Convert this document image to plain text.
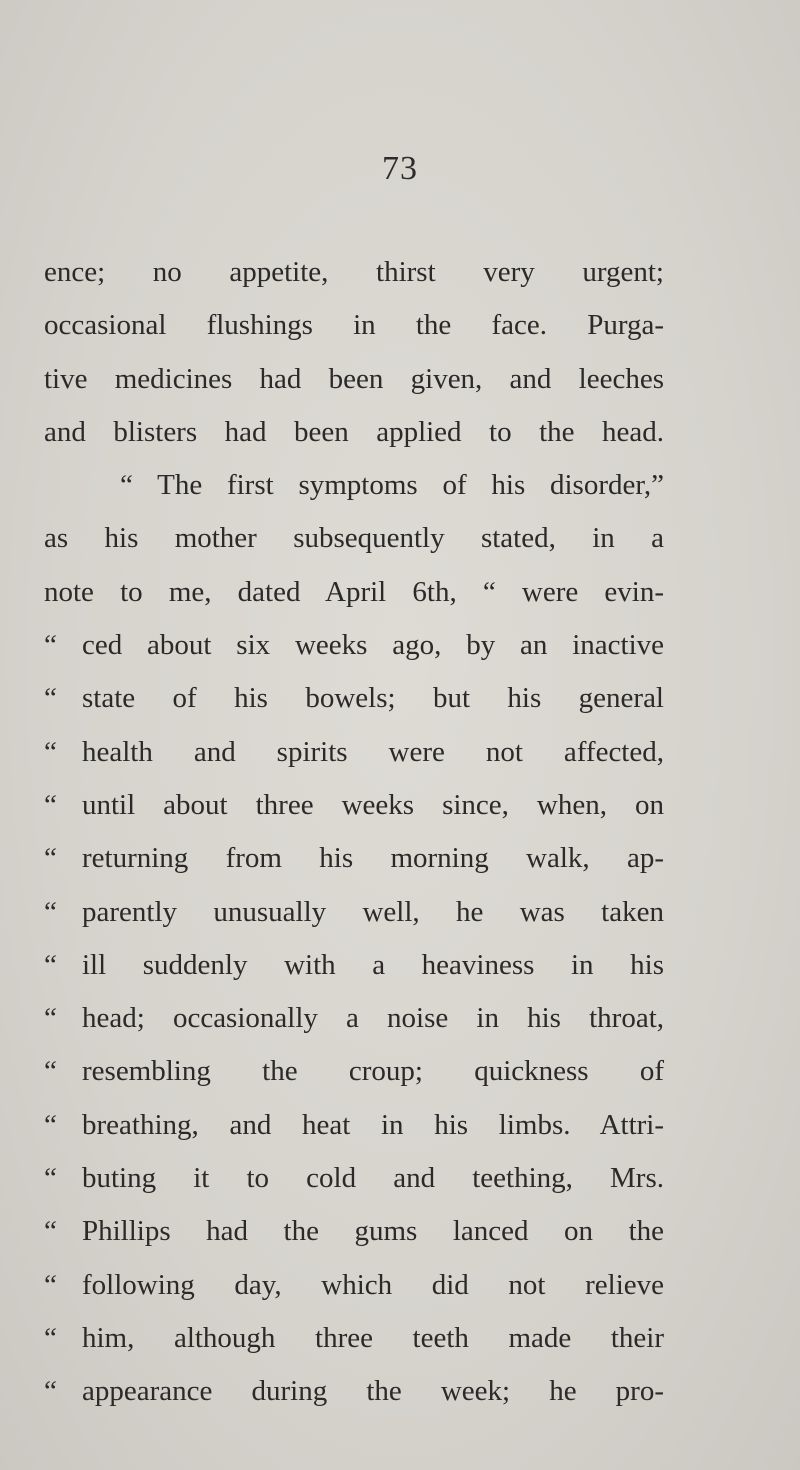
73
ence; no appetite, thirst very urgent;
occasional flushings in the face. Purga-
tive medicines had been given, and leeches
and blisters had been applied to the head.
“ The first symptoms of his disorder,”
as his mother subsequently stated, in a
note to me, dated April 6th, “ were evin-
“ ced about six weeks ago, by an inactive
“ state of his bowels; but his general
“ health and spirits were not affected,
“ until about three weeks since, when, on
“ returning from his morning walk, ap-
“ parently unusually well, he was taken
“ ill suddenly with a heaviness in his
“ head; occasionally a noise in his throat,
“ resembling the croup; quickness of
“ breathing, and heat in his limbs. Attri-
“ buting it to cold and teething, Mrs.
“ Phillips had the gums lanced on the
“ following day, which did not relieve
“ him, although three teeth made their
“ appearance during the week; he pro-
